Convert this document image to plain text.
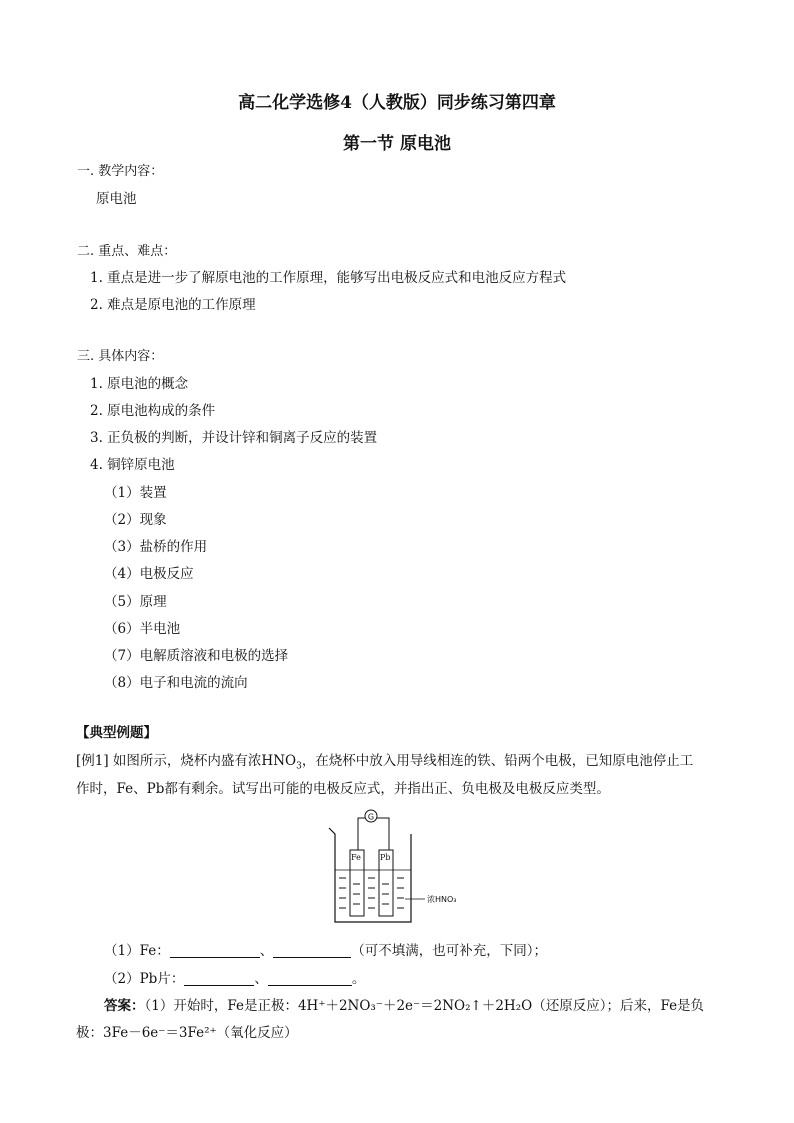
高二化学选修4（人教版）同步练习第四章
第一节 原电池
一. 教学内容：
原电池
二. 重点、难点：
1. 重点是进一步了解原电池的工作原理，能够写出电极反应式和电池反应方程式
2. 难点是原电池的工作原理
三. 具体内容：
1. 原电池的概念
2. 原电池构成的条件
3. 正负极的判断，并设计锌和铜离子反应的装置
4. 铜锌原电池
（1）装置
（2）现象
（3）盐桥的作用
（4）电极反应
（5）原理
（6）半电池
（7）电解质溶液和电极的选择
（8）电子和电流的流向
【典型例题】
[例1] 如图所示，烧杯内盛有浓$HNO_3$，在烧杯中放入用导线相连的铁、铅两个电极，已知原电池停止工
作时，Fe、Pb都有剩余。试写出可能的电极反应式，并指出正、负电极及电极反应类型。
G
Fe Pb
浓HNO₃
（1）Fe：	、	（可不填满，也可补充，下同）；
（2）Pb片：	、	。
答案：（1）开始时，Fe是正极：4H⁺＋2NO₃⁻＋2e⁻＝2NO₂↑＋2H₂O（还原反应）；后来，Fe是负
极：3Fe－6e⁻＝3Fe²⁺（氧化反应）
